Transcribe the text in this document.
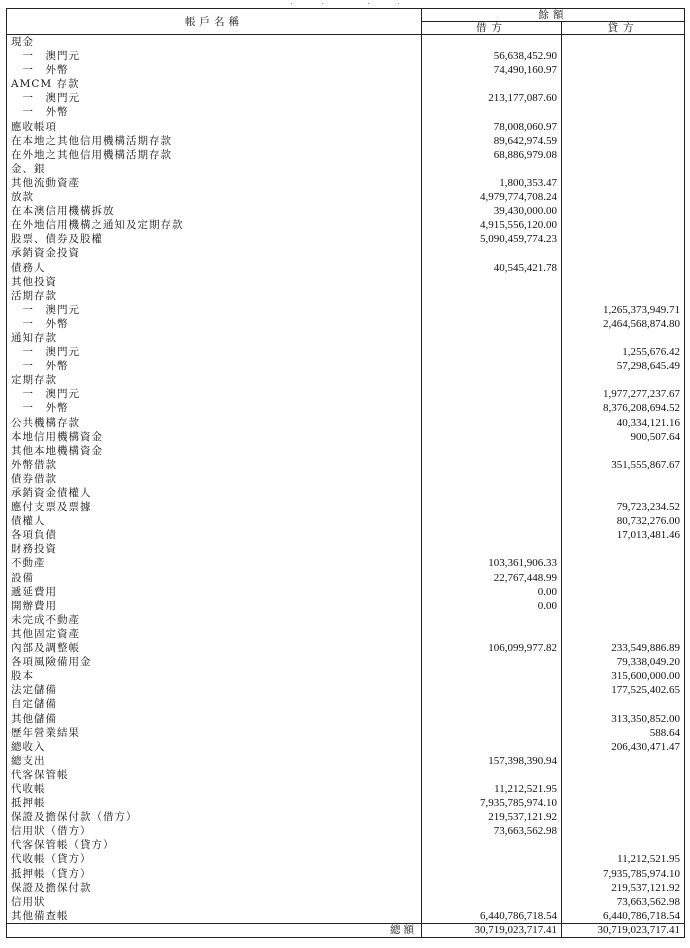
帳戶名稱	餘額	
	借方	貸方
現金		
　一　澳門元	56,638,452.90	
　一　外幣	74,490,160.97	
AMCM 存款		
　一　澳門元	213,177,087.60	
　一　外幣		
應收帳項	78,008,060.97	
在本地之其他信用機構活期存款	89,642,974.59	
在外地之其他信用機構活期存款	68,886,979.08	
金、銀		
其他流動資產	1,800,353.47	
放款	4,979,774,708.24	
在本澳信用機構拆放	39,430,000.00	
在外地信用機構之通知及定期存款	4,915,556,120.00	
股票、債券及股權	5,090,459,774.23	
承銷資金投資		
債務人	40,545,421.78	
其他投資		
活期存款		
　一　澳門元		1,265,373,949.71
　一　外幣		2,464,568,874.80
通知存款		
　一　澳門元		1,255,676.42
　一　外幣		57,298,645.49
定期存款		
　一　澳門元		1,977,277,237.67
　一　外幣		8,376,208,694.52
公共機構存款		40,334,121.16
本地信用機構資金		900,507.64
其他本地機構資金		
外幣借款		351,555,867.67
債券借款		
承銷資金債權人		
應付支票及票據		79,723,234.52
債權人		80,732,276.00
各項負債		17,013,481.46
財務投資		
不動產	103,361,906.33	
設備	22,767,448.99	
遞延費用	0.00	
開辦費用	0.00	
未完成不動產		
其他固定資產		
內部及調整帳	106,099,977.82	233,549,886.89
各項風險備用金		79,338,049.20
股本		315,600,000.00
法定儲備		177,525,402.65
自定儲備		
其他儲備		313,350,852.00
歷年營業結果		588.64
總收入		206,430,471.47
總支出	157,398,390.94	
代客保管帳		
代收帳	11,212,521.95	
抵押帳	7,935,785,974.10	
保證及擔保付款（借方）	219,537,121.92	
信用狀（借方）	73,663,562.98	
代客保管帳（貸方）		
代收帳（貸方）		11,212,521.95
抵押帳（貸方）		7,935,785,974.10
保證及擔保付款		219,537,121.92
信用狀		73,663,562.98
其他備查帳	6,440,786,718.54	6,440,786,718.54
總額	30,719,023,717.41	30,719,023,717.41
